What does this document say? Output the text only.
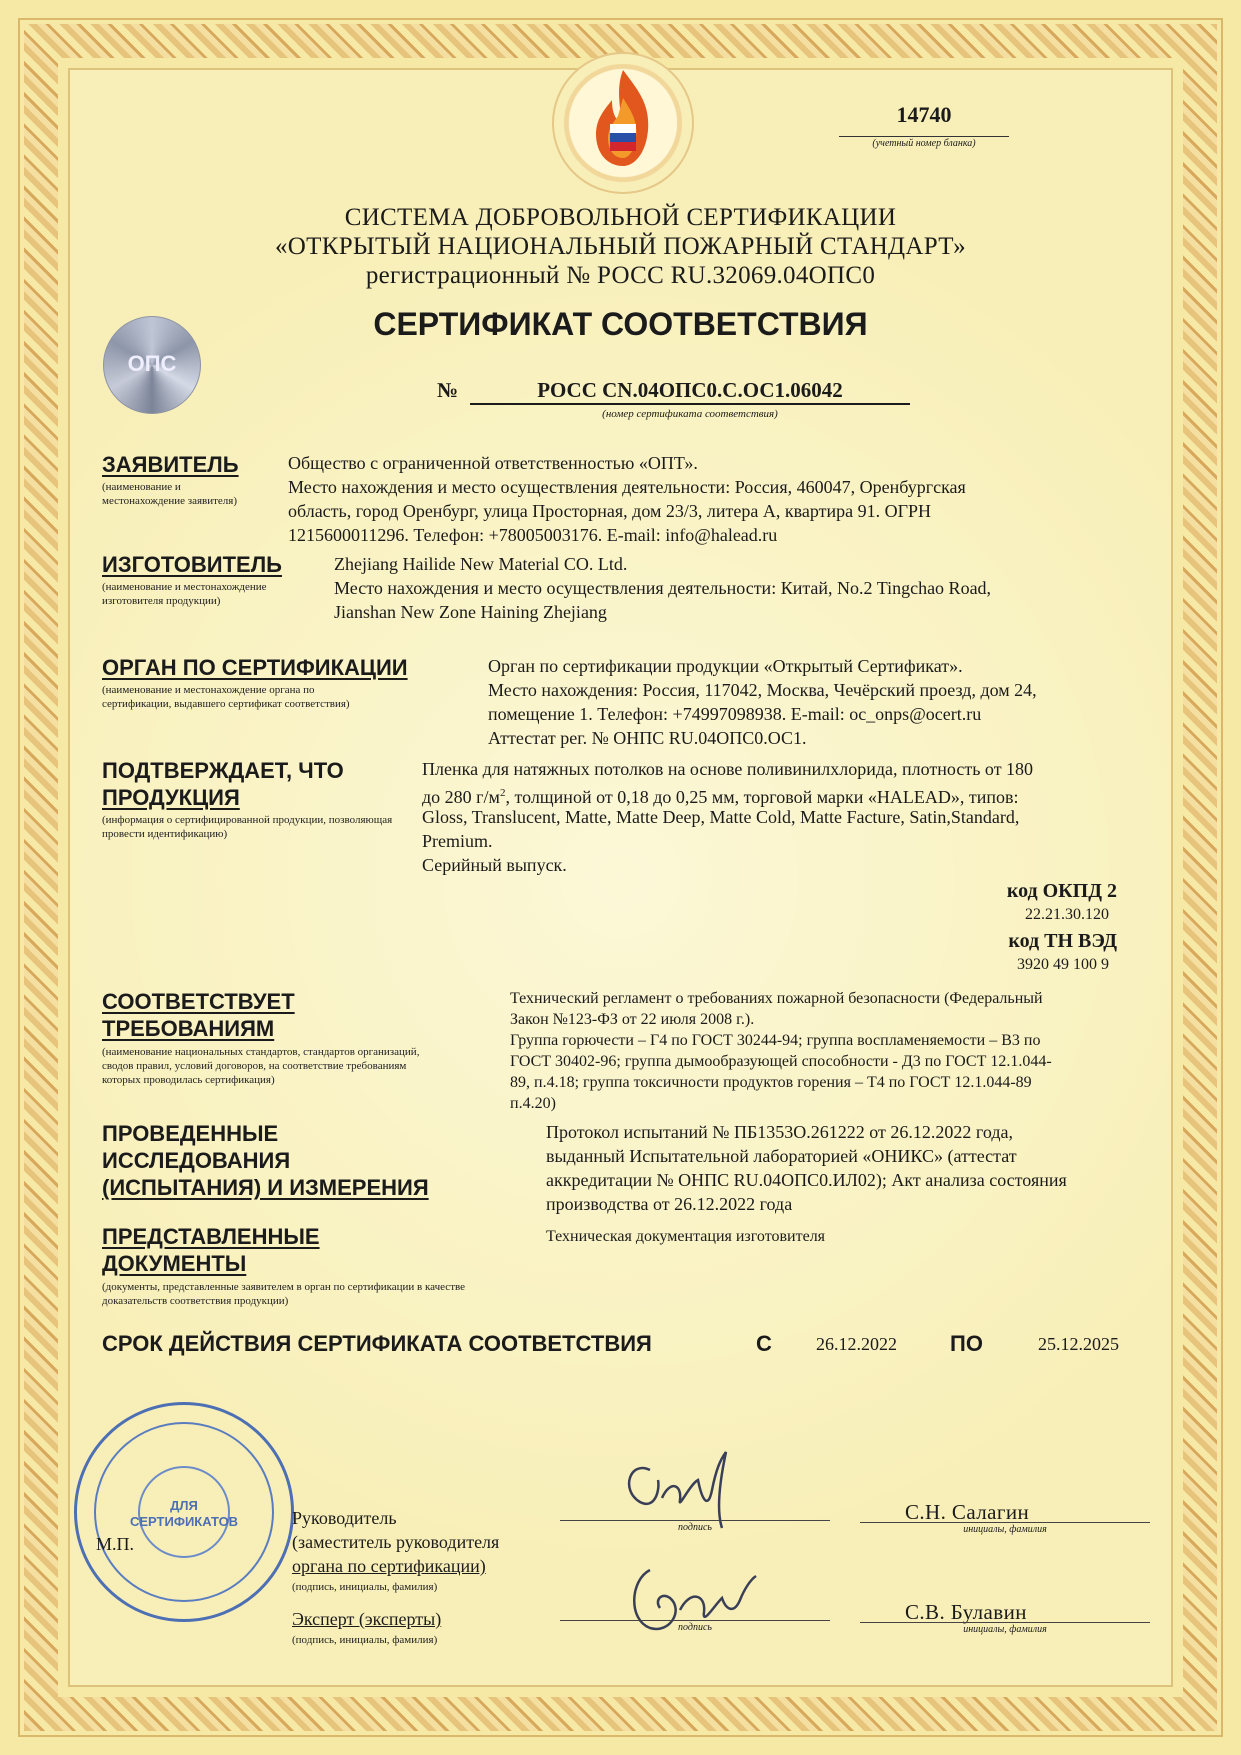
14740
(учетный номер бланка)
СИСТЕМА ДОБРОВОЛЬНОЙ СЕРТИФИКАЦИИ
«ОТКРЫТЫЙ НАЦИОНАЛЬНЫЙ ПОЖАРНЫЙ СТАНДАРТ»
регистрационный № РОСС RU.32069.04ОПС0
СЕРТИФИКАТ СООТВЕТСТВИЯ
ОПС
№	РОСС CN.04ОПС0.С.ОС1.06042
(номер сертификата соответствия)
ЗАЯВИТЕЛЬ
(наименование и местонахождение заявителя)
Общество с ограниченной ответственностью «ОПТ».
Место нахождения и место осуществления деятельности: Россия, 460047, Оренбургская
область, город Оренбург, улица Просторная, дом 23/3, литера А, квартира 91. ОГРН
1215600011296. Телефон: +78005003176. E-mail: info@halead.ru
ИЗГОТОВИТЕЛЬ
(наименование и местонахождение изготовителя продукции)
Zhejiang Hailide New Material CO. Ltd.
Место нахождения и место осуществления деятельности: Китай, No.2 Tingchao Road,
Jianshan New Zone Haining Zhejiang
ОРГАН ПО СЕРТИФИКАЦИИ
(наименование и местонахождение органа по сертификации, выдавшего сертификат соответствия)
Орган по сертификации продукции «Открытый Сертификат».
Место нахождения: Россия, 117042, Москва, Чечёрский проезд, дом 24,
помещение 1. Телефон: +74997098938. E-mail: oc_onps@ocert.ru
Аттестат рег. № ОНПС RU.04ОПС0.ОС1.
ПОДТВЕРЖДАЕТ, ЧТО
ПРОДУКЦИЯ
(информация о сертифицированной продукции, позволяющая провести идентификацию)
Пленка для натяжных потолков на основе поливинилхлорида, плотность от 180
до 280 $г/м^2$, толщиной от 0,18 до 0,25 мм, торговой марки «HALEAD», типов:
Gloss, Translucent, Matte, Matte Deep, Matte Cold, Matte Facture, Satin,Standard,
Premium.
Серийный выпуск.
код ОКПД 2
22.21.30.120
код ТН ВЭД
3920 49 100 9
СООТВЕТСТВУЕТ
ТРЕБОВАНИЯМ
(наименование национальных стандартов, стандартов организаций, сводов правил, условий договоров, на соответствие требованиям которых проводилась сертификация)
Технический регламент о требованиях пожарной безопасности (Федеральный
Закон №123-ФЗ от 22 июля 2008 г.).
Группа горючести – Г4 по ГОСТ 30244-94; группа воспламеняемости – В3 по
ГОСТ 30402-96; группа дымообразующей способности - Д3 по ГОСТ 12.1.044-
89, п.4.18; группа токсичности продуктов горения – Т4 по ГОСТ 12.1.044-89
п.4.20)
ПРОВЕДЕННЫЕ
ИССЛЕДОВАНИЯ
(ИСПЫТАНИЯ) И ИЗМЕРЕНИЯ
Протокол испытаний № ПБ1353О.261222 от 26.12.2022 года,
выданный Испытательной лабораторией «ОНИКС» (аттестат
аккредитации № ОНПС RU.04ОПС0.ИЛ02); Акт анализа состояния
производства от 26.12.2022 года
ПРЕДСТАВЛЕННЫЕ
ДОКУМЕНТЫ
(документы, представленные заявителем в орган по сертификации в качестве доказательств соответствия продукции)
Техническая документация изготовителя
СРОК ДЕЙСТВИЯ СЕРТИФИКАТА СООТВЕТСТВИЯ	С 26.12.2022 ПО	25.12.2025
ДЛЯ СЕРТИФИКАТОВ
М.П.
Руководитель
(заместитель руководителя
органа по сертификации)
(подпись, инициалы, фамилия)
Эксперт (эксперты)
(подпись, инициалы, фамилия)
подпись
С.Н. Салагин
инициалы, фамилия
подпись
С.В. Булавин
инициалы, фамилия
